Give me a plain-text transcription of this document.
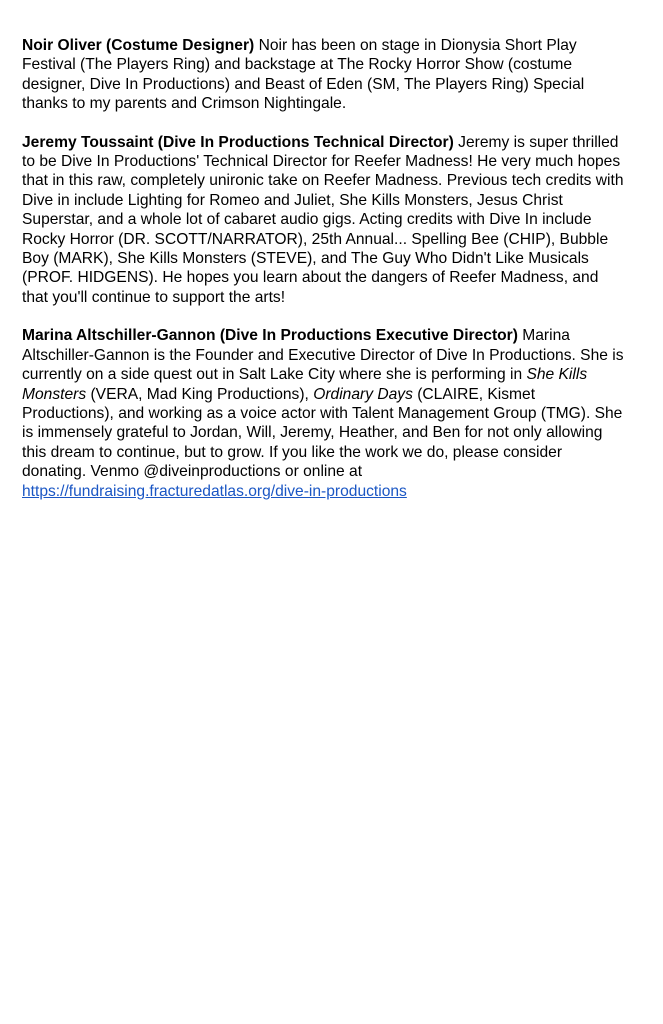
Noir Oliver (Costume Designer) Noir has been on stage in Dionysia Short Play Festival (The Players Ring) and backstage at The Rocky Horror Show (costume designer, Dive In Productions) and Beast of Eden (SM, The Players Ring) Special thanks to my parents and Crimson Nightingale.

Jeremy Toussaint (Dive In Productions Technical Director) Jeremy is super thrilled to be Dive In Productions' Technical Director for Reefer Madness! He very much hopes that in this raw, completely unironic take on Reefer Madness. Previous tech credits with Dive in include Lighting for Romeo and Juliet, She Kills Monsters, Jesus Christ Superstar, and a whole lot of cabaret audio gigs. Acting credits with Dive In include Rocky Horror (DR. SCOTT/NARRATOR), 25th Annual... Spelling Bee (CHIP), Bubble Boy (MARK), She Kills Monsters (STEVE), and The Guy Who Didn't Like Musicals (PROF. HIDGENS). He hopes you learn about the dangers of Reefer Madness, and that you'll continue to support the arts!

Marina Altschiller-Gannon (Dive In Productions Executive Director) Marina Altschiller-Gannon is the Founder and Executive Director of Dive In Productions. She is currently on a side quest out in Salt Lake City where she is performing in She Kills Monsters (VERA, Mad King Productions), Ordinary Days (CLAIRE, Kismet Productions), and working as a voice actor with Talent Management Group (TMG). She is immensely grateful to Jordan, Will, Jeremy, Heather, and Ben for not only allowing this dream to continue, but to grow. If you like the work we do, please consider donating. Venmo @diveinproductions or online at https://fundraising.fracturedatlas.org/dive-in-productions
